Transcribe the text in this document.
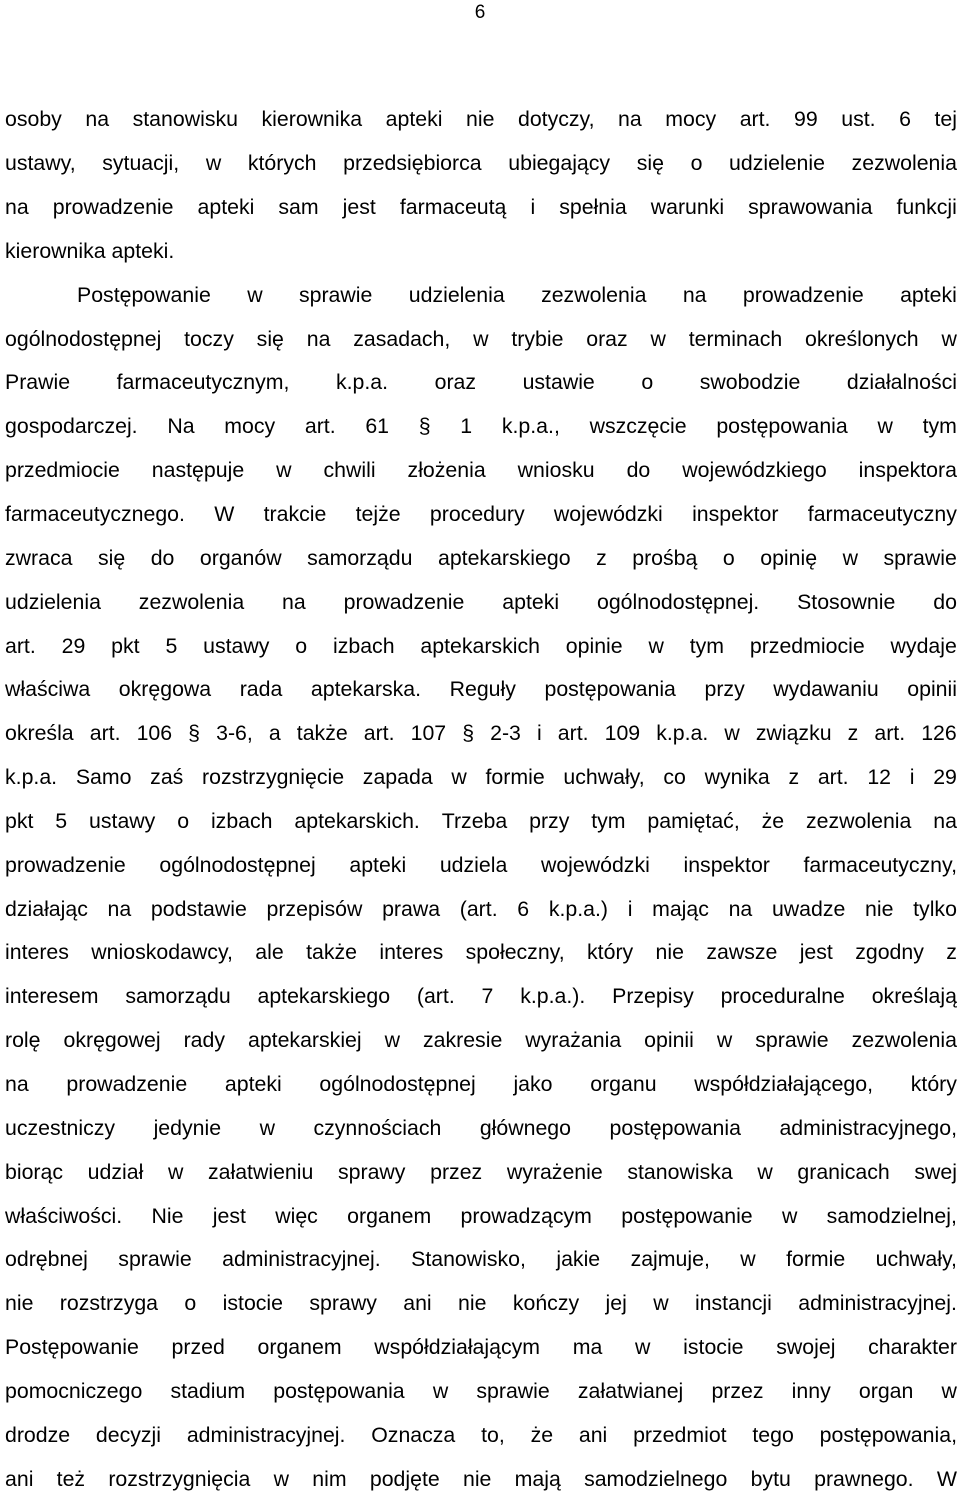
6
osoby na stanowisku kierownika apteki nie dotyczy, na mocy art. 99 ust. 6 tej
ustawy, sytuacji, w których przedsiębiorca ubiegający się o udzielenie zezwolenia
na prowadzenie apteki sam jest farmaceutą i spełnia warunki sprawowania funkcji
kierownika apteki.
Postępowanie w sprawie udzielenia zezwolenia na prowadzenie apteki
ogólnodostępnej toczy się na zasadach, w trybie oraz w terminach określonych w
Prawie farmaceutycznym, k.p.a. oraz ustawie o swobodzie działalności
gospodarczej. Na mocy art. 61 § 1 k.p.a., wszczęcie postępowania w tym
przedmiocie następuje w chwili złożenia wniosku do wojewódzkiego inspektora
farmaceutycznego. W trakcie tejże procedury wojewódzki inspektor farmaceutyczny
zwraca się do organów samorządu aptekarskiego z prośbą o opinię w sprawie
udzielenia zezwolenia na prowadzenie apteki ogólnodostępnej. Stosownie do
art. 29 pkt 5 ustawy o izbach aptekarskich opinie w tym przedmiocie wydaje
właściwa okręgowa rada aptekarska. Reguły postępowania przy wydawaniu opinii
określa art. 106 § 3-6, a także art. 107 § 2-3 i art. 109 k.p.a. w związku z art. 126
k.p.a. Samo zaś rozstrzygnięcie zapada w formie uchwały, co wynika z art. 12 i 29
pkt 5 ustawy o izbach aptekarskich. Trzeba przy tym pamiętać, że zezwolenia na
prowadzenie ogólnodostępnej apteki udziela wojewódzki inspektor farmaceutyczny,
działając na podstawie przepisów prawa (art. 6 k.p.a.) i mając na uwadze nie tylko
interes wnioskodawcy, ale także interes społeczny, który nie zawsze jest zgodny z
interesem samorządu aptekarskiego (art. 7 k.p.a.). Przepisy proceduralne określają
rolę okręgowej rady aptekarskiej w zakresie wyrażania opinii w sprawie zezwolenia
na prowadzenie apteki ogólnodostępnej jako organu współdziałającego, który
uczestniczy jedynie w czynnościach głównego postępowania administracyjnego,
biorąc udział w załatwieniu sprawy przez wyrażenie stanowiska w granicach swej
właściwości. Nie jest więc organem prowadzącym postępowanie w samodzielnej,
odrębnej sprawie administracyjnej. Stanowisko, jakie zajmuje, w formie uchwały,
nie rozstrzyga o istocie sprawy ani nie kończy jej w instancji administracyjnej.
Postępowanie przed organem współdziałającym ma w istocie swojej charakter
pomocniczego stadium postępowania w sprawie załatwianej przez inny organ w
drodze decyzji administracyjnej. Oznacza to, że ani przedmiot tego postępowania,
ani też rozstrzygnięcia w nim podjęte nie mają samodzielnego bytu prawnego. W
